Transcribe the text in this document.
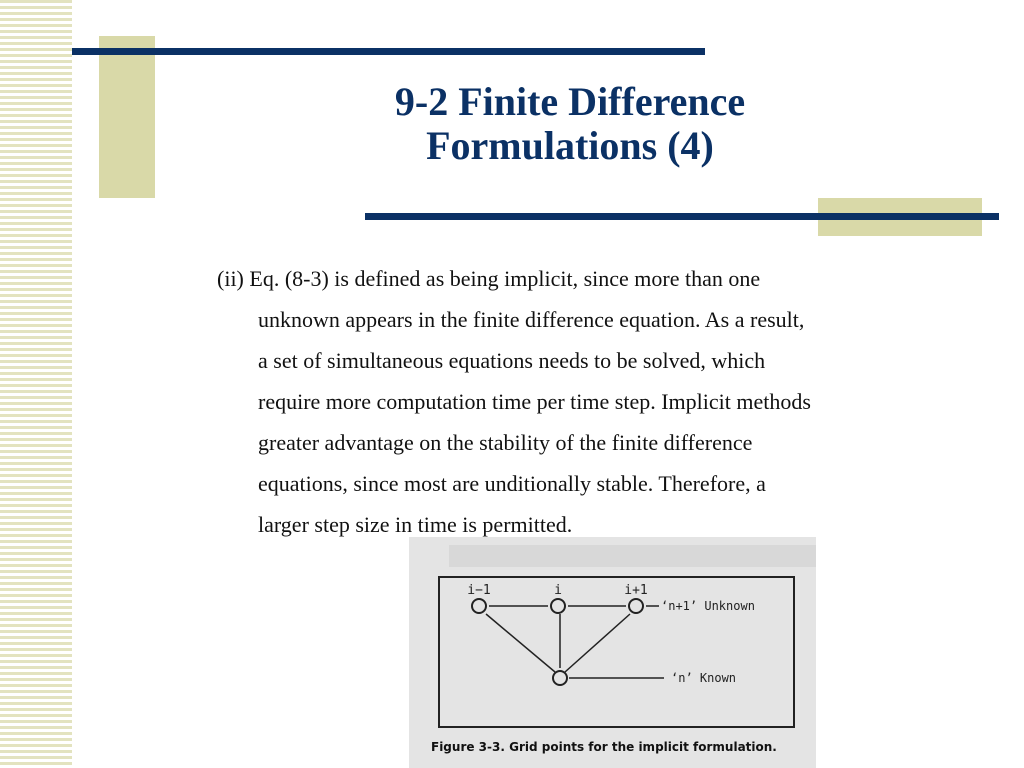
9-2 Finite Difference
Formulations (4)
(ii) Eq. (8-3) is defined as being implicit, since more than one
unknown appears in the finite difference equation. As a result,
a set of simultaneous equations needs to be solved, which
require more computation time per time step. Implicit methods
greater advantage on the stability of the finite difference
equations, since most are unditionally stable. Therefore, a
larger step size in time is permitted.
i−1	i	i+1
‘n+1’ Unknown
‘n’ Known
Figure 3-3. Grid points for the implicit formulation.
